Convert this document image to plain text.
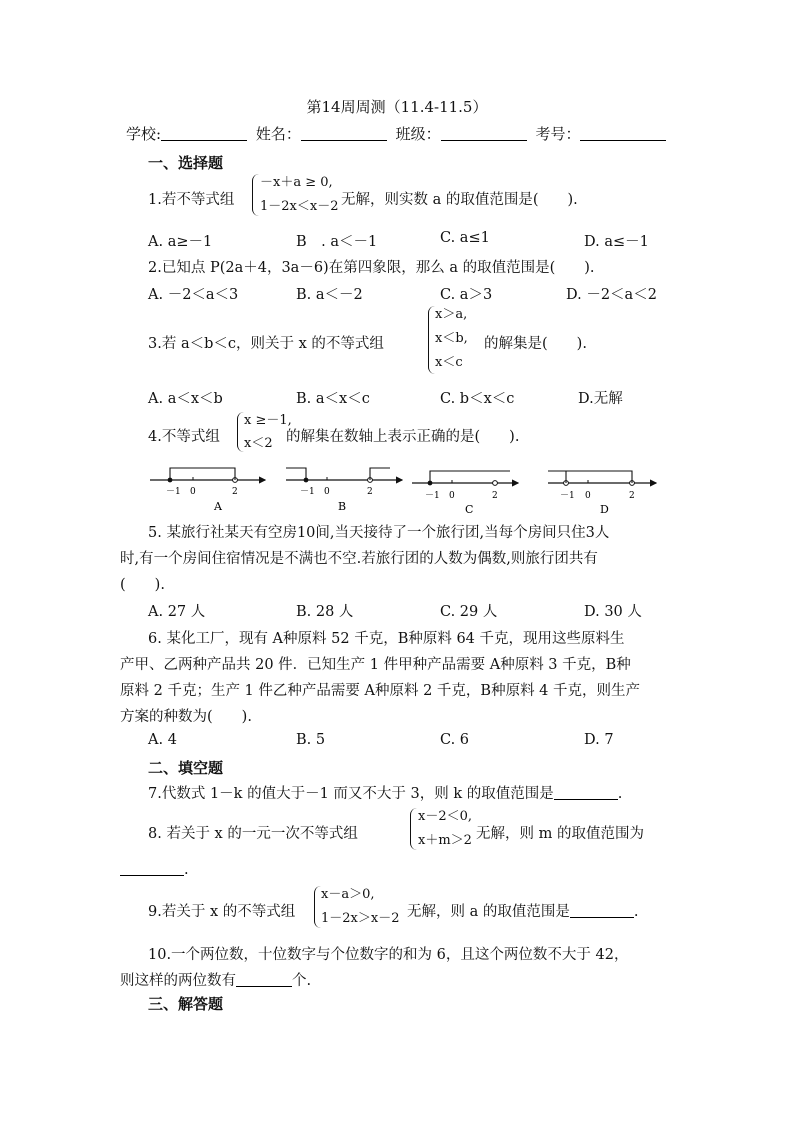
第14周周测（11.4-11.5）
学校:	姓名：	班级：	考号：
一、选择题
1.若不等式组
－x＋a ≥ 0,
1－2x＜x－2 无解，则实数 a 的取值范围是(　　).
A. a≥－1	B　. a＜－1	C. a≤1	D. a≤－1
2.已知点 P(2a＋4，3a－6)在第四象限，那么 a 的取值范围是(　　).
A. －2＜a＜3	B. a＜－2	C. a＞3	D. －2＜a＜2
3.若 a＜b＜c，则关于 x 的不等式组
x＞a,
x＜b,
x＜c
的解集是(　　).
A. a＜x＜b	B. a＜x＜c	C. b＜x＜c	D.无解
4.不等式组
x ≥－1,
x＜2 的解集在数轴上表示正确的是(　　).
－1 0	2
A
－1 0	2
B
－1 0	2
C
－1 0	2
D
5. 某旅行社某天有空房10间,当天接待了一个旅行团,当每个房间只住3人
时,有一个房间住宿情况是不满也不空.若旅行团的人数为偶数,则旅行团共有
(　　).
A. 27 人	B. 28 人	C. 29 人	D. 30 人
6. 某化工厂，现有 A种原料 52 千克，B种原料 64 千克，现用这些原料生
产甲、乙两种产品共 20 件．已知生产 1 件甲种产品需要 A种原料 3 千克，B种
原料 2 千克；生产 1 件乙种产品需要 A种原料 2 千克，B种原料 4 千克，则生产
方案的种数为(　　).
A. 4	B. 5	C. 6	D. 7
二、填空题
7.代数式 1－k 的值大于－1 而又不大于 3，则 k 的取值范围是	.
8. 若关于 x 的一元一次不等式组
x－2＜0,
x＋m＞2 无解，则 m 的取值范围为
.
9.若关于 x 的不等式组
x－a＞0,
1－2x＞x－2 无解，则 a 的取值范围是	.
10.一个两位数，十位数字与个位数字的和为 6，且这个两位数不大于 42，
则这样的两位数有	个.
三、解答题
